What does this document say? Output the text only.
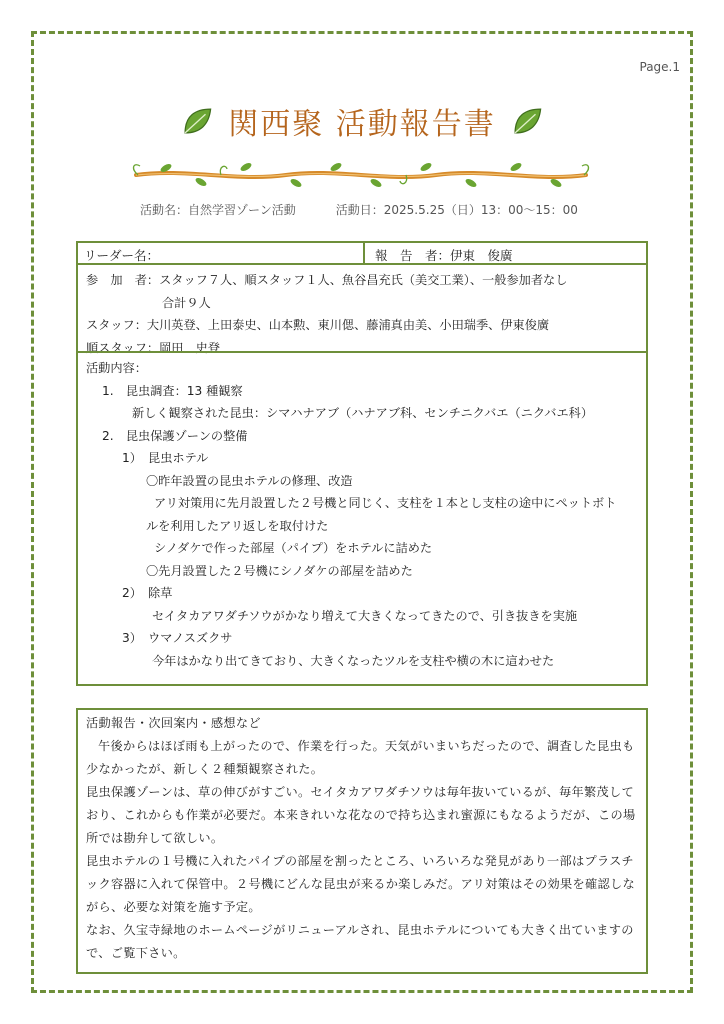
Page.1
関西聚 活動報告書
活動名：自然学習ゾーン活動	活動日：2025.5.25（日）13：00〜15：00
リーダー名：	報　告　者：伊東　俊廣
参　加　者：スタッフ７人、順スタッフ１人、魚谷昌充氏（美交工業）、一般参加者なし
合計９人
スタッフ：大川英登、上田泰史、山本勲、東川偲、藤浦真由美、小田瑞季、伊東俊廣
順スタッフ：岡田　史登
活動内容：
1.　昆虫調査：13 種観察
新しく観察された昆虫：シマハナアブ（ハナアブ科、センチニクバエ（ニクバエ科）
2.　昆虫保護ゾーンの整備
1）　昆虫ホテル
〇昨年設置の昆虫ホテルの修理、改造
アリ対策用に先月設置した２号機と同じく、支柱を１本とし支柱の途中にペットボト
ルを利用したアリ返しを取付けた
シノダケで作った部屋（パイプ）をホテルに詰めた
〇先月設置した２号機にシノダケの部屋を詰めた
2）　除草
セイタカアワダチソウがかなり増えて大きくなってきたので、引き抜きを実施
3）　ウマノスズクサ
今年はかなり出てきており、大きくなったツルを支柱や横の木に這わせた
活動報告・次回案内・感想など
午後からはほぼ雨も上がったので、作業を行った。天気がいまいちだったので、調査した昆虫も
少なかったが、新しく２種類観察された。
昆虫保護ゾーンは、草の伸びがすごい。セイタカアワダチソウは毎年抜いているが、毎年繁茂して
おり、これからも作業が必要だ。本来きれいな花なので持ち込まれ蜜源にもなるようだが、この場
所では勘弁して欲しい。
昆虫ホテルの１号機に入れたパイプの部屋を割ったところ、いろいろな発見があり一部はプラスチ
ック容器に入れて保管中。２号機にどんな昆虫が来るか楽しみだ。アリ対策はその効果を確認しな
がら、必要な対策を施す予定。
なお、久宝寺緑地のホームページがリニューアルされ、昆虫ホテルについても大きく出ていますの
で、ご覧下さい。
